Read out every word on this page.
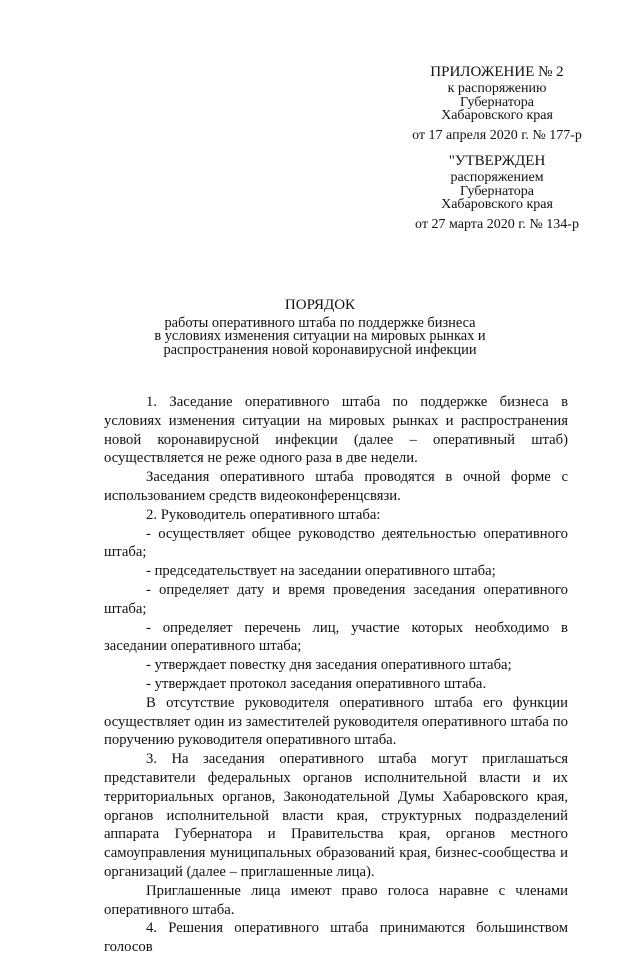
ПРИЛОЖЕНИЕ № 2
к распоряжению
Губернатора
Хабаровского края
от 17 апреля 2020 г. № 177-р
"УТВЕРЖДЕН
распоряжением
Губернатора
Хабаровского края
от 27 марта 2020 г. № 134-р
ПОРЯДОК
работы оперативного штаба по поддержке бизнеса
в условиях изменения ситуации на мировых рынках и
распространения новой коронавирусной инфекции

1. Заседание оперативного штаба по поддержке бизнеса в условиях изменения ситуации на мировых рынках и распространения новой коронавирусной инфекции (далее – оперативный штаб) осуществляется не реже одного раза в две недели.

Заседания оперативного штаба проводятся в очной форме с использованием средств видеоконференцсвязи.

2. Руководитель оперативного штаба:

- осуществляет общее руководство деятельностью оперативного штаба;

- председательствует на заседании оперативного штаба;

- определяет дату и время проведения заседания оперативного штаба;

- определяет перечень лиц, участие которых необходимо в заседании оперативного штаба;

- утверждает повестку дня заседания оперативного штаба;

- утверждает протокол заседания оперативного штаба.

В отсутствие руководителя оперативного штаба его функции осуществляет один из заместителей руководителя оперативного штаба по поручению руководителя оперативного штаба.

3. На заседания оперативного штаба могут приглашаться представители федеральных органов исполнительной власти и их территориальных органов, Законодательной Думы Хабаровского края, органов исполнительной власти края, структурных подразделений аппарата Губернатора и Правительства края, органов местного самоуправления муниципальных образований края, бизнес-сообщества и организаций (далее – приглашенные лица).

Приглашенные лица имеют право голоса наравне с членами оперативного штаба.

4. Решения оперативного штаба принимаются большинством голосов
